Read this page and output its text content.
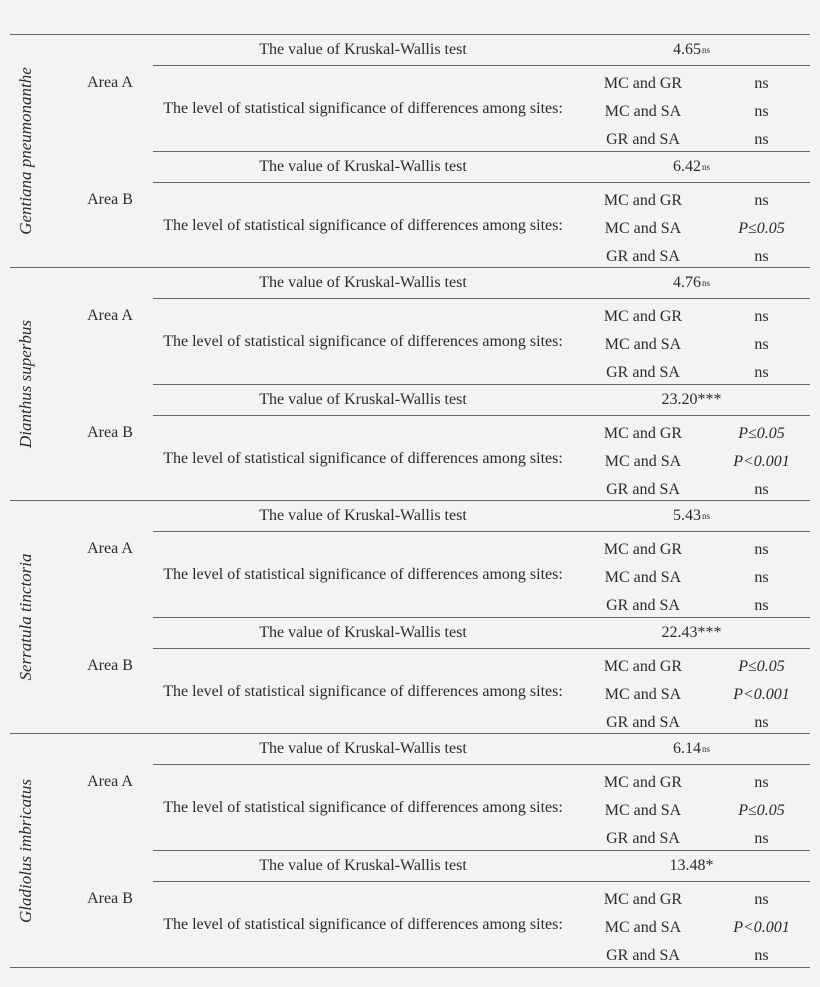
Gentiana pneumonanthe	Area A
The value of Kruskal-Wallis test	4.65 ns
The level of statistical significance of differences among sites:
MC and GR	ns
MC and SA	ns
GR and SA	ns
Area B
The value of Kruskal-Wallis test	6.42 ns
The level of statistical significance of differences among sites:
MC and GR	ns
MC and SA	P≤0.05
GR and SA	ns
Dianthus superbus
Area A
The value of Kruskal-Wallis test	4.76 ns
The level of statistical significance of differences among sites:
MC and GR	ns
MC and SA	ns
GR and SA	ns
Area B
The value of Kruskal-Wallis test	23.20***
The level of statistical significance of differences among sites:
MC and GR	P≤0.05
MC and SA	P<0.001
GR and SA	ns
Serratula tinctoria
Area A
The value of Kruskal-Wallis test	5.43 ns
The level of statistical significance of differences among sites:
MC and GR	ns
MC and SA	ns
GR and SA	ns
Area B
The value of Kruskal-Wallis test	22.43***
The level of statistical significance of differences among sites:
MC and GR	P≤0.05
MC and SA	P<0.001
GR and SA	ns
Gladiolus imbricatus	Area A
The value of Kruskal-Wallis test	6.14 ns
The level of statistical significance of differences among sites:
MC and GR	ns
MC and SA	P≤0.05
GR and SA	ns
Area B
The value of Kruskal-Wallis test	13.48*
The level of statistical significance of differences among sites:
MC and GR	ns
MC and SA	P<0.001
GR and SA	ns
